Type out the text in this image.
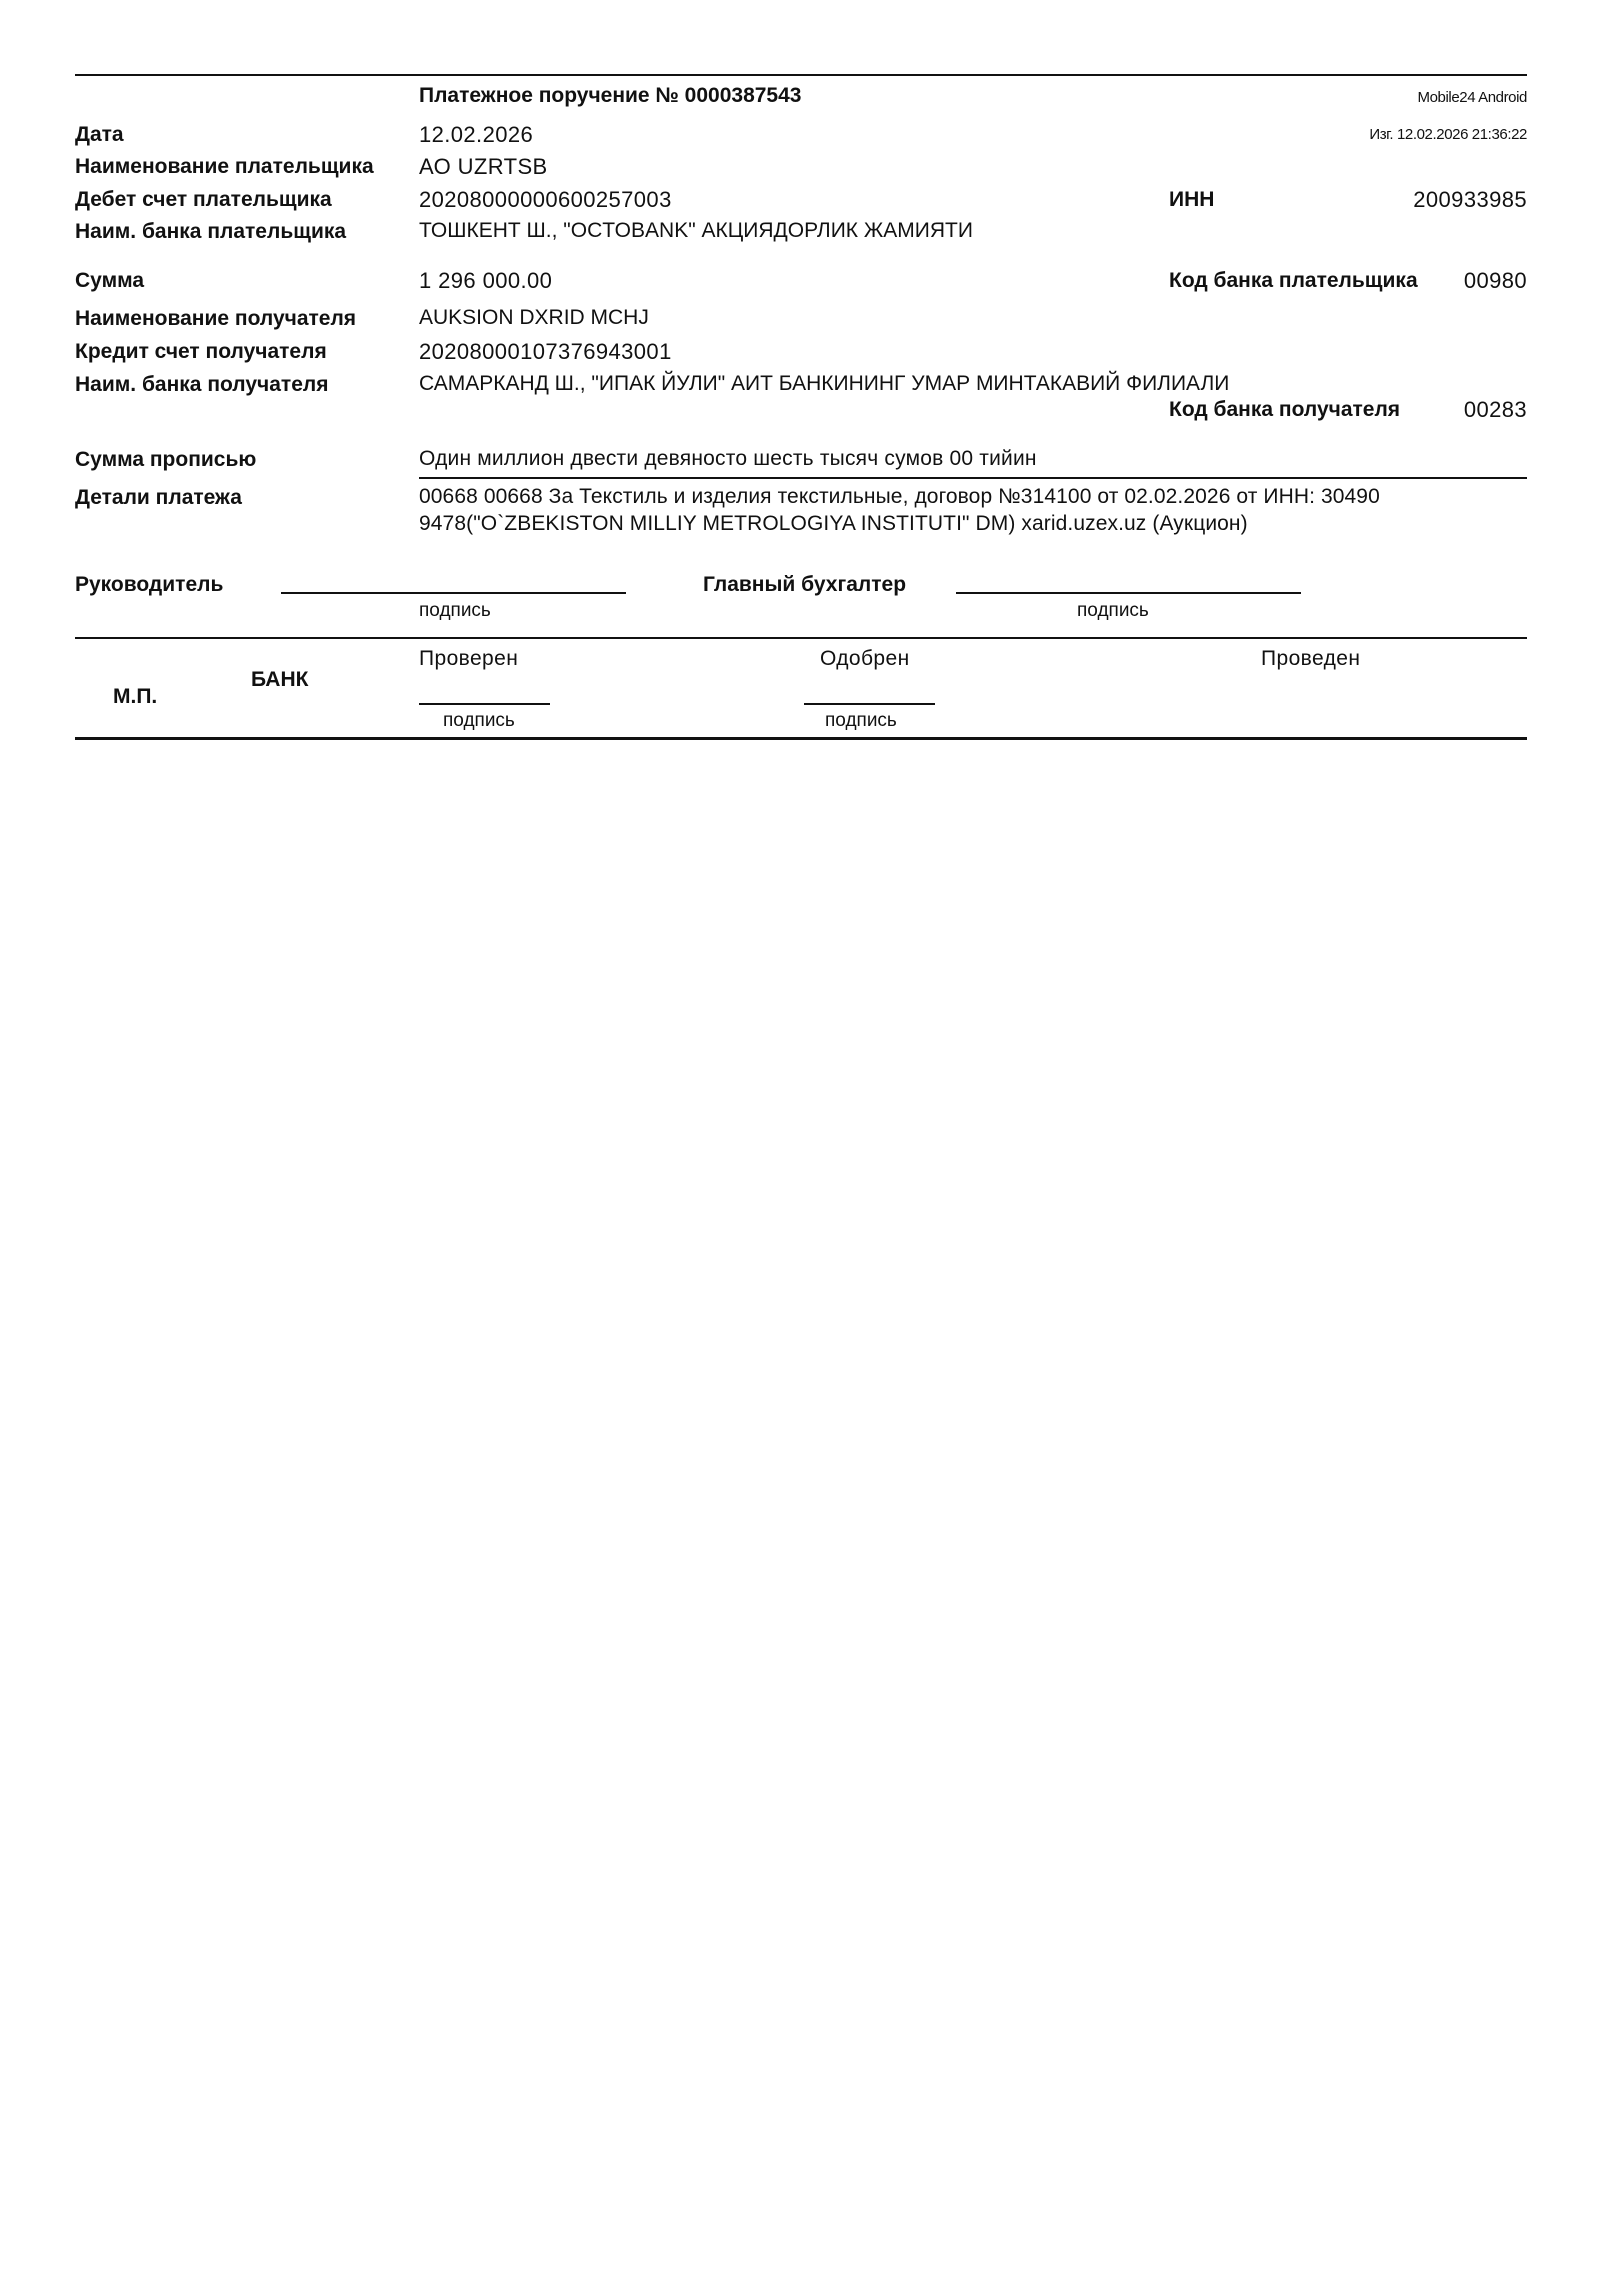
Платежное поручение № 0000387543	Mobile24 Android
Изг. 12.02.2026 21:36:22
Дата	12.02.2026
Наименование плательщика АО UZRTSB
Дебет счет плательщика	20208000000600257003	ИНН	200933985
Наим. банка плательщика	ТОШКЕНТ Ш., "OCTOBANK" АКЦИЯДОРЛИК ЖАМИЯТИ
Сумма	1 296 000.00	Код банка плательщика 00980
Наименование получателя	AUKSION DXRID MCHJ
Кредит счет получателя	20208000107376943001
Наим. банка получателя	САМАРКАНД Ш., "ИПАК ЙУЛИ" АИТ БАНКИНИНГ УМАР МИНТАКАВИЙ ФИЛИАЛИ
Код банка получателя	00283
Сумма прописью	Один миллион двести девяносто шесть тысяч сумов 00 тийин
Детали платежа	00668 00668 За Текстиль и изделия текстильные, договор №314100 от 02.02.2026 от ИНН: 30490
9478("O`ZBEKISTON MILLIY METROLOGIYA INSTITUTI" DM) xarid.uzex.uz (Аукцион)
Руководитель
подпись
Главный бухгалтер
подпись
М.П.
БАНК
Проверен
подпись
Одобрен
подпись
Проведен
